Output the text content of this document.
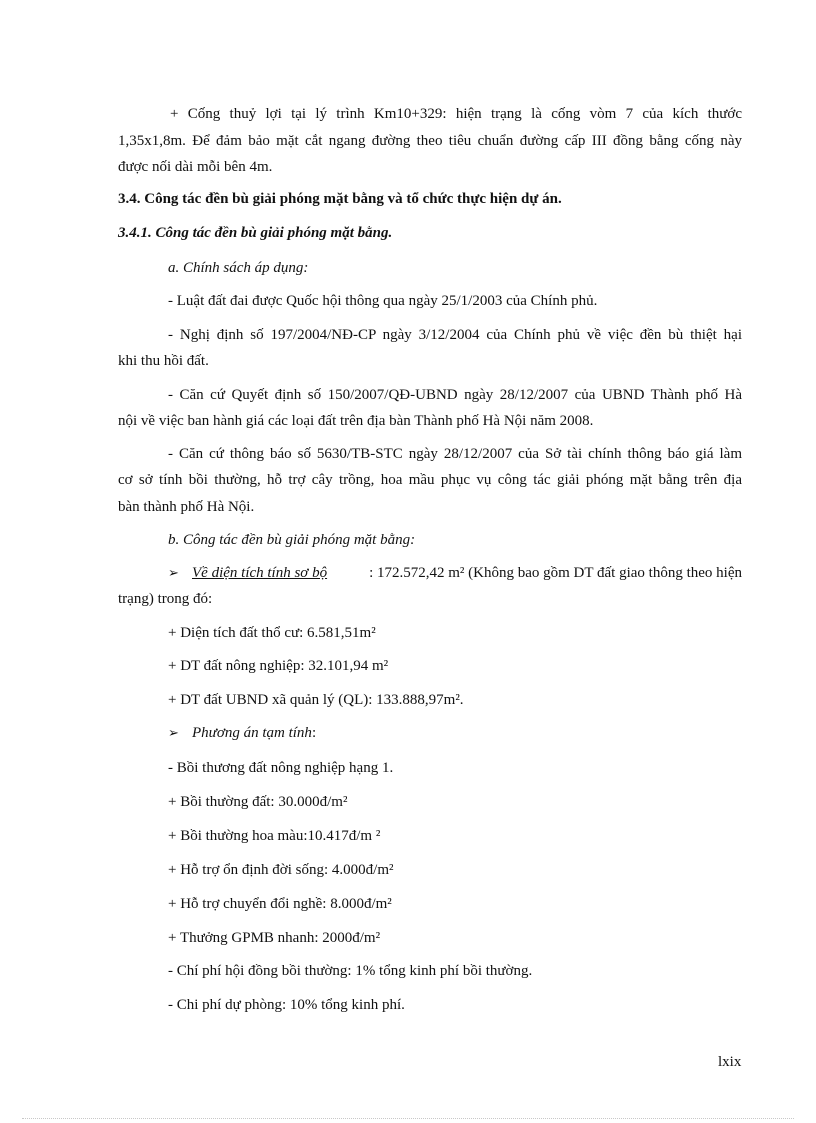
+ Cống thuỷ lợi tại lý trình Km10+329: hiện trạng là cống vòm 7 của kích thước
1,35x1,8m. Để đảm bảo mặt cắt ngang đường theo tiêu chuẩn đường cấp III đồng bằng cống này
được nối dài mỗi bên 4m.
3.4. Công tác đền bù giải phóng mặt bằng và tổ chức thực hiện dự án.
3.4.1. Công tác đền bù giải phóng mặt bằng.
a. Chính sách áp dụng:
- Luật đất đai được Quốc hội thông qua ngày 25/1/2003 của Chính phủ.
- Nghị định số 197/2004/NĐ-CP ngày 3/12/2004 của Chính phủ về việc đền bù thiệt hại
khi thu hồi đất.
- Căn cứ Quyết định số 150/2007/QĐ-UBND ngày 28/12/2007 của UBND Thành phố Hà
nội về việc ban hành giá các loại đất trên địa bàn Thành phố Hà Nội năm 2008.
- Căn cứ thông báo số 5630/TB-STC ngày 28/12/2007 của Sở tài chính thông báo giá làm
cơ sở tính bồi thường, hỗ trợ cây trồng, hoa mầu phục vụ công tác giải phóng mặt bằng trên địa
bàn thành phố Hà Nội.
b. Công tác đền bù giải phóng mặt bằng:
➢ Về diện tích tính sơ bộ	: 172.572,42 m² (Không bao gồm DT đất giao thông theo hiện
trạng) trong đó:
+ Diện tích đất thổ cư: 6.581,51m²
+ DT đất nông nghiệp: 32.101,94 m²
+ DT đất UBND xã quản lý (QL): 133.888,97m².
➢ Phương án tạm tính:
- Bồi thương đất nông nghiệp hạng 1.
+ Bồi thường đất: 30.000đ/m²
+ Bồi thường hoa màu:10.417đ/m ²
+ Hỗ trợ ổn định đời sống: 4.000đ/m²
+ Hỗ trợ chuyển đổi nghề: 8.000đ/m²
+ Thưởng GPMB nhanh: 2000đ/m²
- Chí phí hội đồng bồi thường: 1% tổng kinh phí bồi thường.
- Chi phí dự phòng: 10% tổng kinh phí.
lxix
